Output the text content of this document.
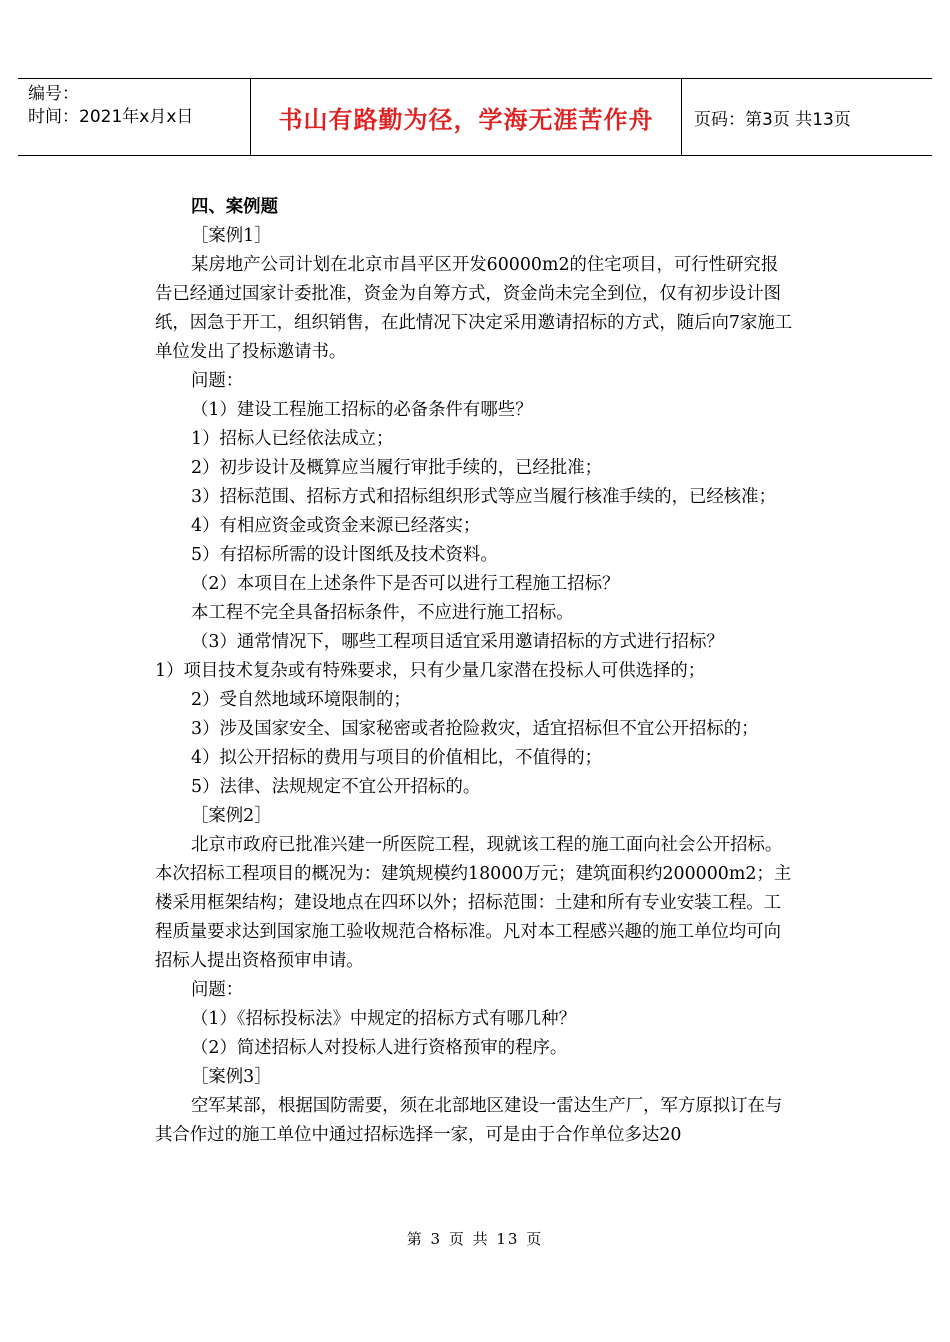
编号：
时间：2021年x月x日	书山有路勤为径，学海无涯苦作舟	页码：第3页 共13页

四、案例题

［案例1］

某房地产公司计划在北京市昌平区开发60000m2的住宅项目，可行性研究报告已经通过国家计委批准，资金为自筹方式，资金尚未完全到位，仅有初步设计图纸，因急于开工，组织销售，在此情况下决定采用邀请招标的方式，随后向7家施工单位发出了投标邀请书。

问题：

（1）建设工程施工招标的必备条件有哪些？

1）招标人已经依法成立；

2）初步设计及概算应当履行审批手续的，已经批准；

3）招标范围、招标方式和招标组织形式等应当履行核准手续的，已经核准；

4）有相应资金或资金来源已经落实；

5）有招标所需的设计图纸及技术资料。

（2）本项目在上述条件下是否可以进行工程施工招标？

本工程不完全具备招标条件，不应进行施工招标。

（3）通常情况下，哪些工程项目适宜采用邀请招标的方式进行招标？

1）项目技术复杂或有特殊要求，只有少量几家潜在投标人可供选择的；

2）受自然地域环境限制的；

3）涉及国家安全、国家秘密或者抢险救灾，适宜招标但不宜公开招标的；

4）拟公开招标的费用与项目的价值相比，不值得的；

5）法律、法规规定不宜公开招标的。

［案例2］

北京市政府已批准兴建一所医院工程，现就该工程的施工面向社会公开招标。本次招标工程项目的概况为：建筑规模约18000万元；建筑面积约200000m2；主楼采用框架结构；建设地点在四环以外；招标范围：土建和所有专业安装工程。工程质量要求达到国家施工验收规范合格标准。凡对本工程感兴趣的施工单位均可向招标人提出资格预审申请。

问题：

（1）《招标投标法》中规定的招标方式有哪几种？

（2）简述招标人对投标人进行资格预审的程序。

［案例3］

空军某部，根据国防需要，须在北部地区建设一雷达生产厂，军方原拟订在与其合作过的施工单位中通过招标选择一家，可是由于合作单位多达20

第 3 页 共 13 页
